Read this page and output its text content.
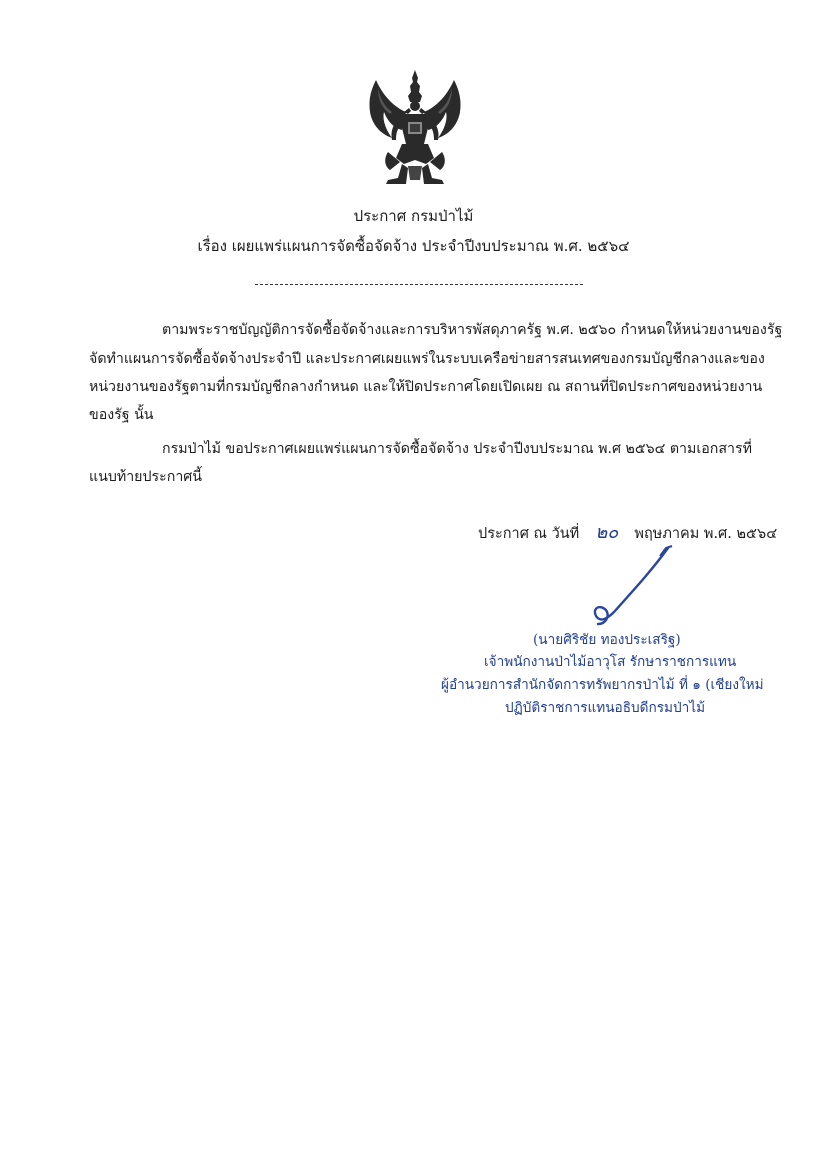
ประกาศ กรมป่าไม้
เรื่อง เผยแพร่แผนการจัดซื้อจัดจ้าง ประจำปีงบประมาณ พ.ศ. ๒๕๖๔
ตามพระราชบัญญัติการจัดซื้อจัดจ้างและการบริหารพัสดุภาครัฐ พ.ศ. ๒๕๖๐ กำหนดให้หน่วยงานของรัฐ
จัดทำแผนการจัดซื้อจัดจ้างประจำปี และประกาศเผยแพร่ในระบบเครือข่ายสารสนเทศของกรมบัญชีกลางและของ
หน่วยงานของรัฐตามที่กรมบัญชีกลางกำหนด และให้ปิดประกาศโดยเปิดเผย ณ สถานที่ปิดประกาศของหน่วยงาน
ของรัฐ นั้น
กรมป่าไม้ ขอประกาศเผยแพร่แผนการจัดซื้อจัดจ้าง ประจำปีงบประมาณ พ.ศ ๒๕๖๔ ตามเอกสารที่
แนบท้ายประกาศนี้
ประกาศ ณ วันที่ ๒๐ พฤษภาคม พ.ศ. ๒๕๖๔
(นายศิริชัย ทองประเสริฐ)
เจ้าพนักงานป่าไม้อาวุโส รักษาราชการแทน
ผู้อำนวยการสำนักจัดการทรัพยากรป่าไม้ ที่ ๑ (เชียงใหม่
ปฏิบัติราชการแทนอธิบดีกรมป่าไม้
